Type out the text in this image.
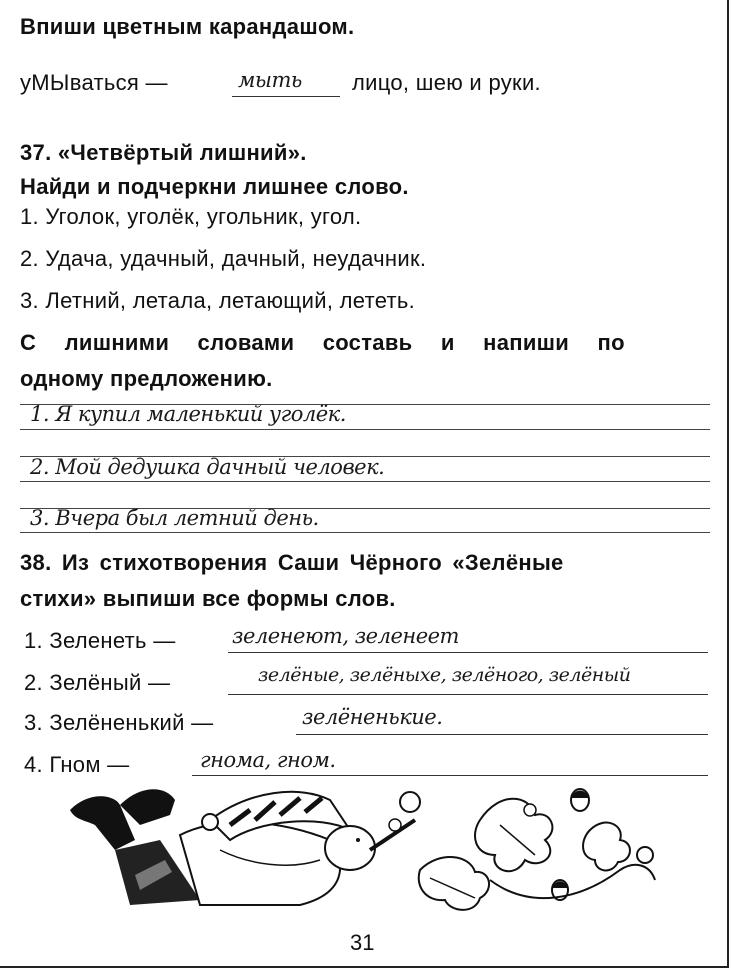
Впиши цветным карандашом.
уМЫваться —	мыть лицо, шею и руки.
37. «Четвёртый лишний».
Найди и подчеркни лишнее слово.
1. Уголок, уголёк, угольник, угол.
2. Удача, удачный, дачный, неудачник.
3. Летний, летала, летающий, лететь.
С лишними словами составь и напиши по
одному предложению.
1. Я купил маленький уголёк.
2. Мой дедушка дачный человек.
3. Вчера был летний день.
38. Из стихотворения Саши Чёрного «Зелёные
стихи» выпиши все формы слов.
1. Зеленеть —	зеленеют, зеленеет
2. Зелёный —	зелёные, зелёныхе, зелёного, зелёный
3. Зелёненький —	зелёненькие.
4. Гном —	гнома, гном.
31
